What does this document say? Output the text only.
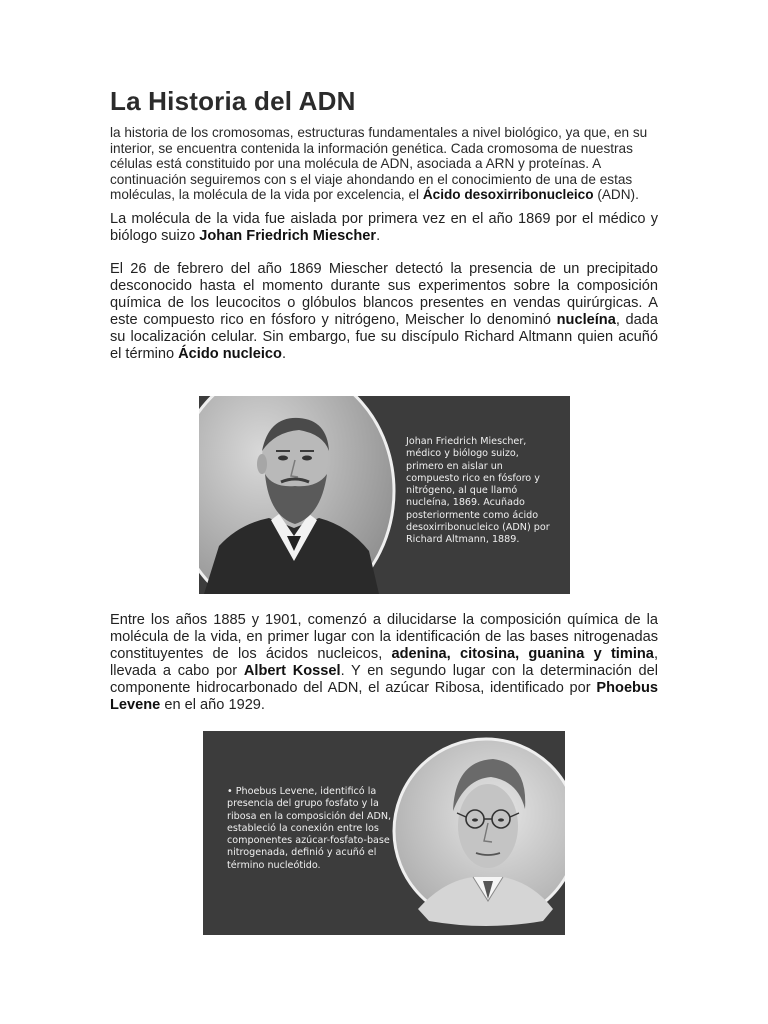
La Historia del ADN

la historia de los cromosomas, estructuras fundamentales a nivel biológico, ya que, en su interior, se encuentra contenida la información genética. Cada cromosoma de nuestras células está constituido por una molécula de ADN, asociada a ARN y proteínas. A continuación seguiremos con s el viaje ahondando en el conocimiento de una de estas moléculas, la molécula de la vida por excelencia, el Ácido desoxirribonucleico (ADN).

La molécula de la vida fue aislada por primera vez en el año 1869 por el médico y biólogo suizo Johan Friedrich Miescher.

El 26 de febrero del año 1869 Miescher detectó la presencia de un precipitado desconocido hasta el momento durante sus experimentos sobre la composición química de los leucocitos o glóbulos blancos presentes en vendas quirúrgicas. A este compuesto rico en fósforo y nitrógeno, Meischer lo denominó nucleína, dada su localización celular. Sin embargo, fue su discípulo Richard Altmann quien acuñó el término Ácido nucleico.

Johan Friedrich Miescher, médico y biólogo suizo, primero en aislar un compuesto rico en fósforo y nitrógeno, al que llamó nucleína, 1869. Acuñado posteriormente como ácido desoxirribonucleico (ADN) por Richard Altmann, 1889.

Entre los años 1885 y 1901, comenzó a dilucidarse la composición química de la molécula de la vida, en primer lugar con la identificación de las bases nitrogenadas constituyentes de los ácidos nucleicos, adenina, citosina, guanina y timina, llevada a cabo por Albert Kossel. Y en segundo lugar con la determinación del componente hidrocarbonado del ADN, el azúcar Ribosa, identificado por Phoebus Levene en el año 1929.

• Phoebus Levene, identificó la presencia del grupo fosfato y la ribosa en la composición del ADN, estableció la conexión entre los componentes azúcar-fosfato-base nitrogenada, definió y acuñó el término nucleótido.
